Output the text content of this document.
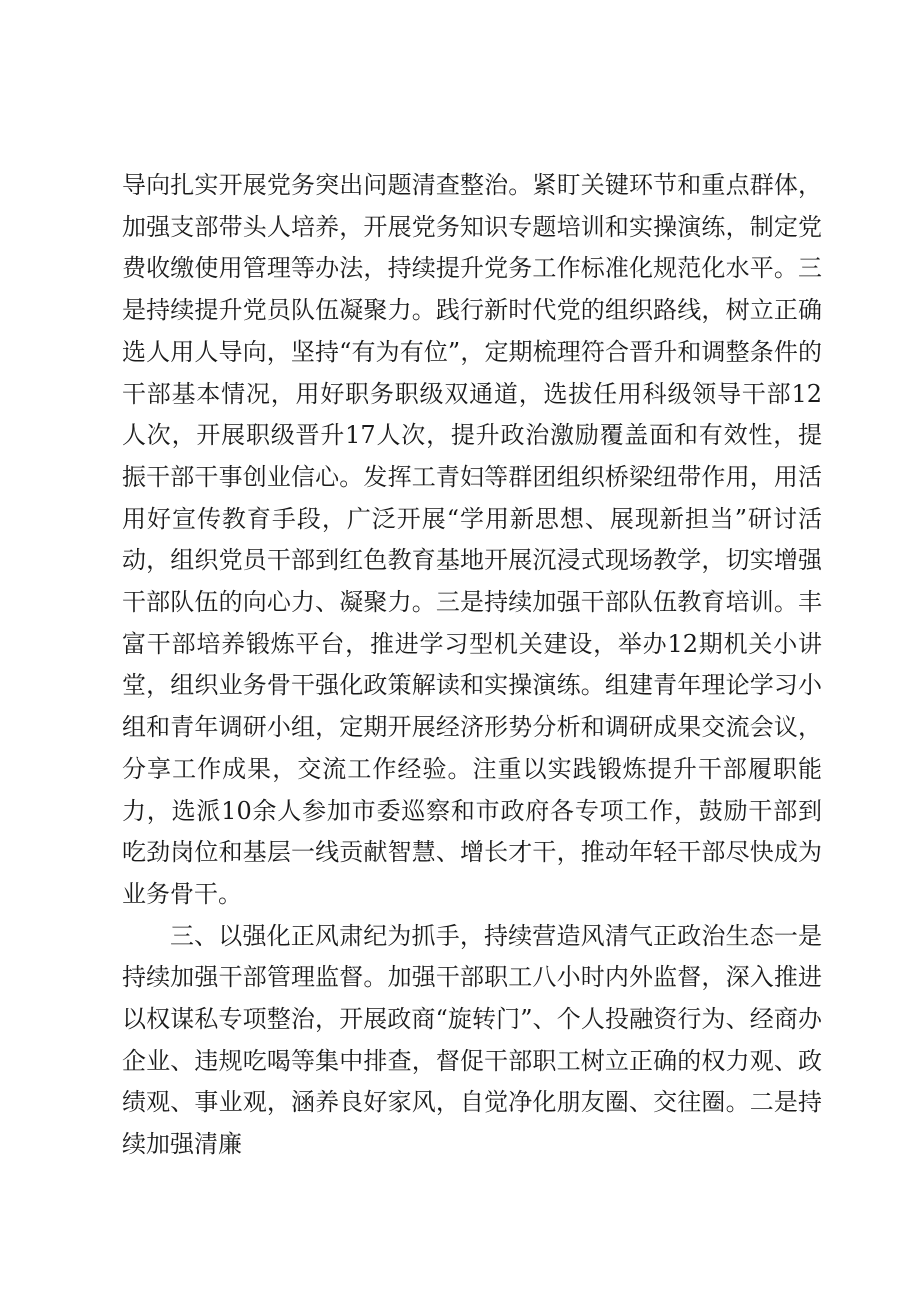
导向扎实开展党务突出问题清查整治。紧盯关键环节和重点群体，加强支部带头人培养，开展党务知识专题培训和实操演练，制定党费收缴使用管理等办法，持续提升党务工作标准化规范化水平。三是持续提升党员队伍凝聚力。践行新时代党的组织路线，树立正确选人用人导向，坚持“有为有位”，定期梳理符合晋升和调整条件的干部基本情况，用好职务职级双通道，选拔任用科级领导干部12人次，开展职级晋升17人次，提升政治激励覆盖面和有效性，提振干部干事创业信心。发挥工青妇等群团组织桥梁纽带作用，用活用好宣传教育手段，广泛开展“学用新思想、展现新担当”研讨活动，组织党员干部到红色教育基地开展沉浸式现场教学，切实增强干部队伍的向心力、凝聚力。三是持续加强干部队伍教育培训。丰富干部培养锻炼平台，推进学习型机关建设，举办12期机关小讲堂，组织业务骨干强化政策解读和实操演练。组建青年理论学习小组和青年调研小组，定期开展经济形势分析和调研成果交流会议，分享工作成果，交流工作经验。注重以实践锻炼提升干部履职能力，选派10余人参加市委巡察和市政府各专项工作，鼓励干部到吃劲岗位和基层一线贡献智慧、增长才干，推动年轻干部尽快成为业务骨干。

三、以强化正风肃纪为抓手，持续营造风清气正政治生态一是持续加强干部管理监督。加强干部职工八小时内外监督，深入推进以权谋私专项整治，开展政商“旋转门”、个人投融资行为、经商办企业、违规吃喝等集中排查，督促干部职工树立正确的权力观、政绩观、事业观，涵养良好家风，自觉净化朋友圈、交往圈。二是持续加强清廉
